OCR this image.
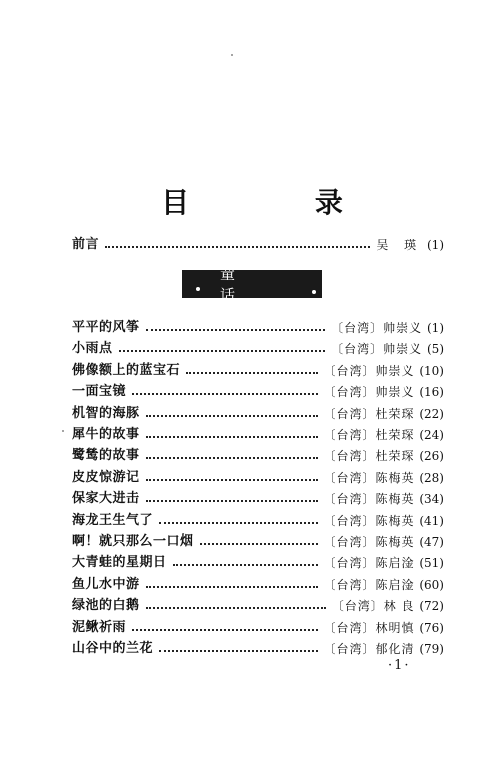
目 录
前言	吴 瑛 (1)
童 话
平平的风筝	〔台湾〕帅崇义 (1)
小雨点	〔台湾〕帅崇义 (5)
佛像额上的蓝宝石	〔台湾〕帅崇义 (10)
一面宝镜	〔台湾〕帅崇义 (16)
机智的海豚	〔台湾〕杜荣琛 (22)
犀牛的故事	〔台湾〕杜荣琛 (24)
鹭鸶的故事	〔台湾〕杜荣琛 (26)
皮皮惊游记	〔台湾〕陈梅英 (28)
保家大进击	〔台湾〕陈梅英 (34)
海龙王生气了	〔台湾〕陈梅英 (41)
啊！就只那么一口烟	〔台湾〕陈梅英 (47)
大青蛙的星期日	〔台湾〕陈启淦 (51)
鱼儿水中游	〔台湾〕陈启淦 (60)
绿池的白鹅	〔台湾〕林 良 (72)
泥鳅祈雨	〔台湾〕林明慎 (76)
山谷中的兰花	〔台湾〕郁化清 (79)
·1·
